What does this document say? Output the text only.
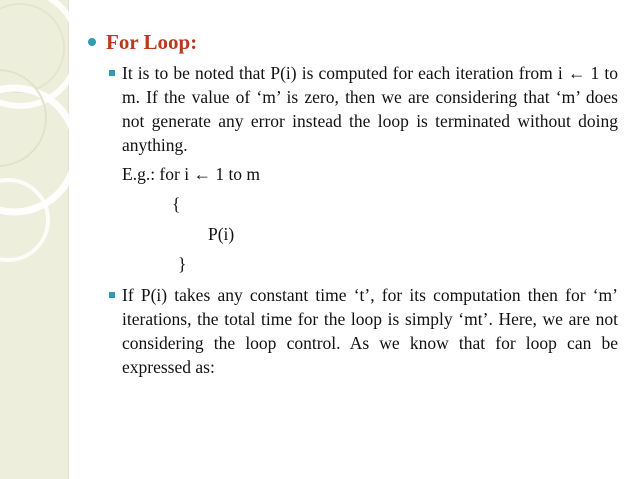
For Loop:
It is to be noted that P(i) is computed for each iteration from i ← 1 to m. If the value of ‘m’ is zero, then we are considering that ‘m’ does not generate any error instead the loop is terminated without doing anything.
E.g.: for i ← 1 to m
{
P(i)
}
If P(i) takes any constant time ‘t’, for its computation then for ‘m’ iterations, the total time for the loop is simply ‘mt’. Here, we are not considering the loop control. As we know that for loop can be expressed as:
